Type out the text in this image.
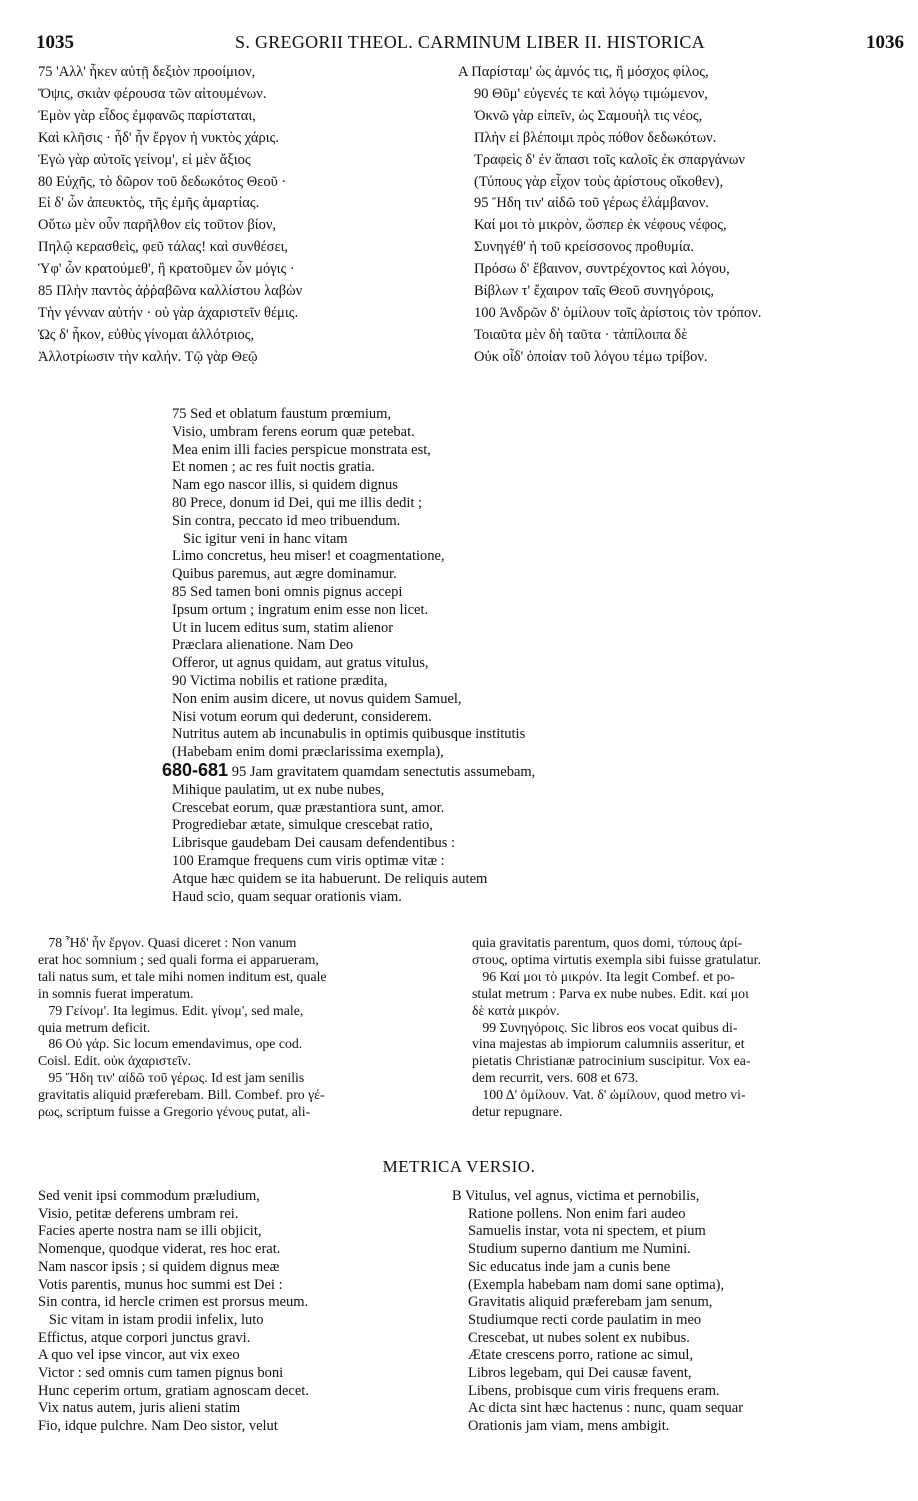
1035	S. GREGORII THEOL. CARMINUM LIBER II. HISTORICA	1036
75 'Αλλ' ἧκεν αὐτῇ δεξιὸν προοίμιον,
Ὄψις, σκιὰν φέρουσα τῶν αἰτουμένων.
Ἐμὸν γὰρ εἶδος ἐμφανῶς παρίσταται,
Καὶ κλῆσις · ἦδ' ἦν ἔργον ἡ νυκτὸς χάρις.
Ἐγὼ γὰρ αὐτοῖς γείνομ', εἰ μὲν ἄξιος
80 Εὐχῆς, τὸ δῶρον τοῦ δεδωκότος Θεοῦ ·
Εἰ δ' ὧν ἀπευκτὸς, τῆς ἐμῆς ἁμαρτίας.
Οὕτω μὲν οὖν παρῆλθον εἰς τοῦτον βίον,
Πηλῷ κερασθεὶς, φεῦ τάλας! καὶ συνθέσει,
Ὑφ' ὧν κρατούμεθ', ἢ κρατοῦμεν ὧν μόγις ·
85 Πλὴν παντὸς ἀῤῥαβῶνα καλλίστου λαβὼν
Τὴν γένναν αὐτήν · οὐ γὰρ ἀχαριστεῖν θέμις.
Ὡς δ' ἧκον, εὐθὺς γίνομαι ἀλλότριος,
Ἀλλοτρίωσιν τὴν καλήν. Τῷ γὰρ Θεῷ
A Παρίσταμ' ὡς ἀμνός τις, ἢ μόσχος φίλος,
90 Θῦμ' εὐγενές τε καὶ λόγῳ τιμώμενον,
Ὀκνῶ γὰρ εἰπεῖν, ὡς Σαμουὴλ τις νέος,
Πλὴν εἰ βλέποιμι πρὸς πόθον δεδωκότων.
Τραφεὶς δ' ἐν ἅπασι τοῖς καλοῖς ἐκ σπαργάνων
(Τύπους γὰρ εἶχον τοὺς ἀρίστους οἴκοθεν),
95 Ἤδη τιν' αἰδῶ τοῦ γέρως ἐλάμβανον.
Καί μοι τὸ μικρὸν, ὥσπερ ἐκ νέφους νέφος,
Συνηγέθ' ἡ τοῦ κρείσσονος προθυμία.
Πρόσω δ' ἔβαινον, συντρέχοντος καὶ λόγου,
Βίβλων τ' ἔχαιρον ταῖς Θεοῦ συνηγόροις,
100 Ἀνδρῶν δ' ὁμίλουν τοῖς ἀρίστοις τὸν τρόπον.
Τοιαῦτα μὲν δὴ ταῦτα · τἀπίλοιπα δὲ
Οὐκ οἶδ' ὁποίαν τοῦ λόγου τέμω τρίβον.
75 Sed et oblatum faustum prœmium,
Visio, umbram ferens eorum quæ petebat.
Mea enim illi facies perspicue monstrata est,
Et nomen ; ac res fuit noctis gratia.
Nam ego nascor illis, si quidem dignus
80 Prece, donum id Dei, qui me illis dedit ;
Sin contra, peccato id meo tribuendum.
Sic igitur veni in hanc vitam
Limo concretus, heu miser! et coagmentatione,
Quibus paremus, aut ægre dominamur.
85 Sed tamen boni omnis pignus accepi
Ipsum ortum ; ingratum enim esse non licet.
Ut in lucem editus sum, statim alienor
Præclara alienatione. Nam Deo
Offeror, ut agnus quidam, aut gratus vitulus,
90 Victima nobilis et ratione prædita,
Non enim ausim dicere, ut novus quidem Samuel,
Nisi votum eorum qui dederunt, considerem.
Nutritus autem ab incunabulis in optimis quibusque institutis
(Habebam enim domi præclarissima exempla),
680-681 95 Jam gravitatem quamdam senectutis assumebam,
Mihique paulatim, ut ex nube nubes,
Crescebat eorum, quæ præstantiora sunt, amor.
Progrediebar ætate, simulque crescebat ratio,
Librisque gaudebam Dei causam defendentibus :
100 Eramque frequens cum viris optimæ vitæ :
Atque hæc quidem se ita habuerunt. De reliquis autem
Haud scio, quam sequar orationis viam.
78 Ἦδ' ἦν ἔργον. Quasi diceret : Non vanum
erat hoc somnium ; sed quali forma ei apparueram,
tali natus sum, et tale mihi nomen inditum est, quale
in somnis fuerat imperatum.
79 Γείνομ'. Ita legimus. Edit. γίνομ', sed male,
quia metrum deficit.
86 Οὐ γάρ. Sic locum emendavimus, ope cod.
Coisl. Edit. οὐκ ἀχαριστεῖν.
95 Ἤδη τιν' αἰδῶ τοῦ γέρως. Id est jam senilis
gravitatis aliquid præferebam. Bill. Combef. pro γέ-
ρως, scriptum fuisse a Gregorio γένους putat, ali-
quia gravitatis parentum, quos domi, τύπους ἀρί-
στους, optima virtutis exempla sibi fuisse gratulatur.
96 Καί μοι τὸ μικρόν. Ita legit Combef. et po-
stulat metrum : Parva ex nube nubes. Edit. καί μοι
δὲ κατὰ μικρόν.
99 Συνηγόροις. Sic libros eos vocat quibus di-
vina majestas ab impiorum calumniis asseritur, et
pietatis Christianæ patrocinium suscipitur. Vox ea-
dem recurrit, vers. 608 et 673.
100 Δ' ὁμίλουν. Vat. δ' ὡμίλουν, quod metro vi-
detur repugnare.
METRICA VERSIO.
Sed venit ipsi commodum præludium,
Visio, petitæ deferens umbram rei.
Facies aperte nostra nam se illi objicit,
Nomenque, quodque viderat, res hoc erat.
Nam nascor ipsis ; si quidem dignus meæ
Votis parentis, munus hoc summi est Dei :
Sin contra, id hercle crimen est prorsus meum.
Sic vitam in istam prodii infelix, luto
Effictus, atque corpori junctus gravi.
A quo vel ipse vincor, aut vix exeo
Victor : sed omnis cum tamen pignus boni
Hunc ceperim ortum, gratiam agnoscam decet.
Vix natus autem, juris alieni statim
Fio, idque pulchre. Nam Deo sistor, velut
B Vitulus, vel agnus, victima et pernobilis,
Ratione pollens. Non enim fari audeo
Samuelis instar, vota ni spectem, et pium
Studium superno dantium me Numini.
Sic educatus inde jam a cunis bene
(Exempla habebam nam domi sane optima),
Gravitatis aliquid præferebam jam senum,
Studiumque recti corde paulatim in meo
Crescebat, ut nubes solent ex nubibus.
Ætate crescens porro, ratione ac simul,
Libros legebam, qui Dei causæ favent,
Libens, probisque cum viris frequens eram.
Ac dicta sint hæc hactenus : nunc, quam sequar
Orationis jam viam, mens ambigit.
